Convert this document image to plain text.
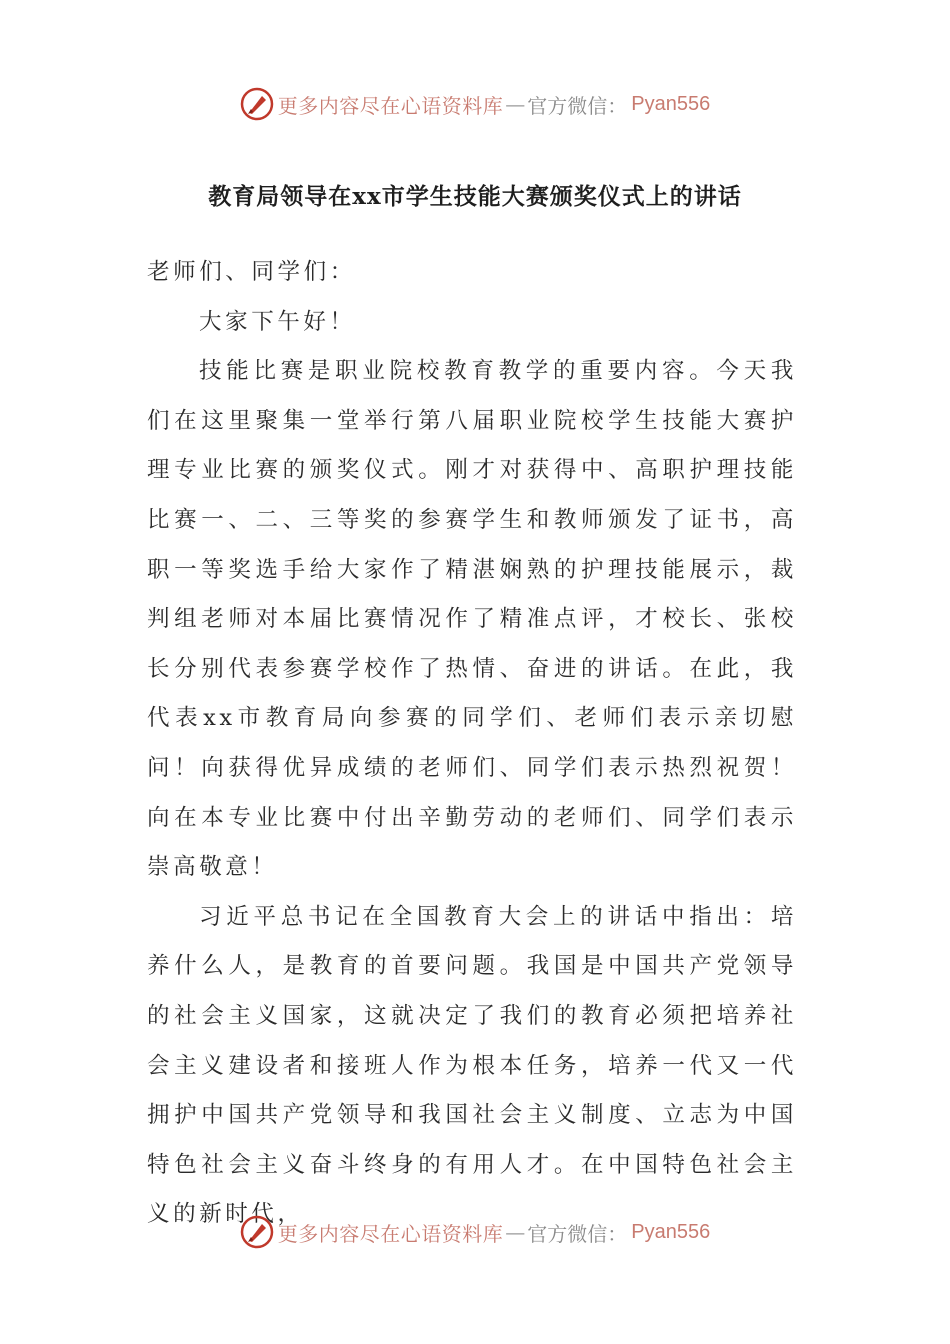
更多内容尽在心语资料库 — 官方微信： Pyan556
教育局领导在xx市学生技能大赛颁奖仪式上的讲话

老师们、同学们：

大家下午好！

技能比赛是职业院校教育教学的重要内容。今天我们在这里聚集一堂举行第八届职业院校学生技能大赛护理专业比赛的颁奖仪式。刚才对获得中、高职护理技能比赛一、二、三等奖的参赛学生和教师颁发了证书，高职一等奖选手给大家作了精湛娴熟的护理技能展示，裁判组老师对本届比赛情况作了精准点评，才校长、张校长分别代表参赛学校作了热情、奋进的讲话。在此，我代表xx市教育局向参赛的同学们、老师们表示亲切慰问！向获得优异成绩的老师们、同学们表示热烈祝贺！向在本专业比赛中付出辛勤劳动的老师们、同学们表示崇高敬意！

习近平总书记在全国教育大会上的讲话中指出：培养什么人，是教育的首要问题。我国是中国共产党领导的社会主义国家，这就决定了我们的教育必须把培养社会主义建设者和接班人作为根本任务，培养一代又一代拥护中国共产党领导和我国社会主义制度、立志为中国特色社会主义奋斗终身的有用人才。在中国特色社会主义的新时代，

更多内容尽在心语资料库 — 官方微信： Pyan556
